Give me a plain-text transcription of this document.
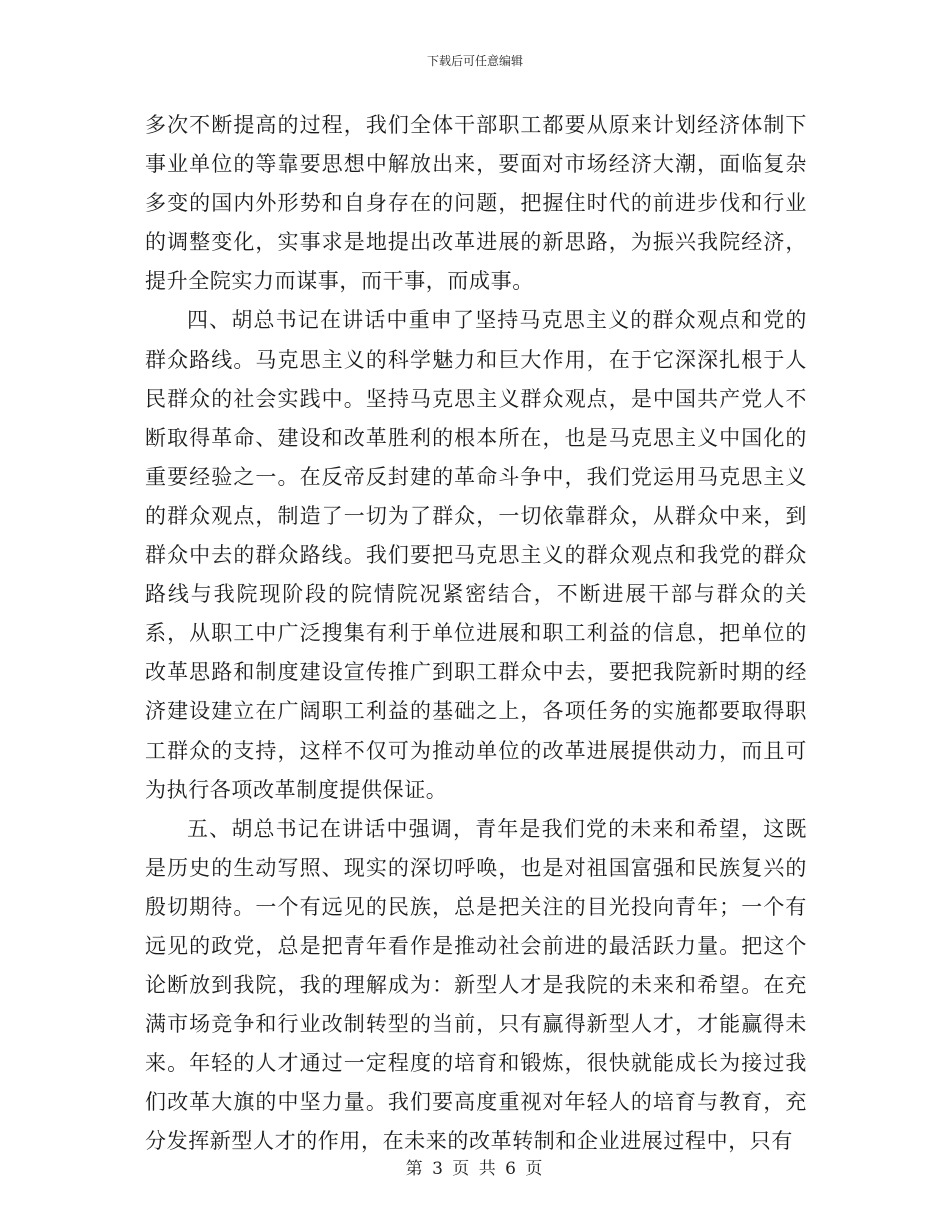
下载后可任意编辑

多次不断提高的过程，我们全体干部职工都要从原来计划经济体制下事业单位的等靠要思想中解放出来，要面对市场经济大潮，面临复杂多变的国内外形势和自身存在的问题，把握住时代的前进步伐和行业的调整变化，实事求是地提出改革进展的新思路，为振兴我院经济，提升全院实力而谋事，而干事，而成事。

四、胡总书记在讲话中重申了坚持马克思主义的群众观点和党的群众路线。马克思主义的科学魅力和巨大作用，在于它深深扎根于人民群众的社会实践中。坚持马克思主义群众观点，是中国共产党人不断取得革命、建设和改革胜利的根本所在，也是马克思主义中国化的重要经验之一。在反帝反封建的革命斗争中，我们党运用马克思主义的群众观点，制造了一切为了群众，一切依靠群众，从群众中来，到群众中去的群众路线。我们要把马克思主义的群众观点和我党的群众路线与我院现阶段的院情院况紧密结合，不断进展干部与群众的关系，从职工中广泛搜集有利于单位进展和职工利益的信息，把单位的改革思路和制度建设宣传推广到职工群众中去，要把我院新时期的经济建设建立在广阔职工利益的基础之上，各项任务的实施都要取得职工群众的支持，这样不仅可为推动单位的改革进展提供动力，而且可为执行各项改革制度提供保证。

五、胡总书记在讲话中强调，青年是我们党的未来和希望，这既是历史的生动写照、现实的深切呼唤，也是对祖国富强和民族复兴的殷切期待。一个有远见的民族，总是把关注的目光投向青年；一个有远见的政党，总是把青年看作是推动社会前进的最活跃力量。把这个论断放到我院，我的理解成为：新型人才是我院的未来和希望。在充满市场竞争和行业改制转型的当前，只有赢得新型人才，才能赢得未来。年轻的人才通过一定程度的培育和锻炼，很快就能成长为接过我们改革大旗的中坚力量。我们要高度重视对年轻人的培育与教育，充分发挥新型人才的作用，在未来的改革转制和企业进展过程中，只有

第 3 页 共 6 页
